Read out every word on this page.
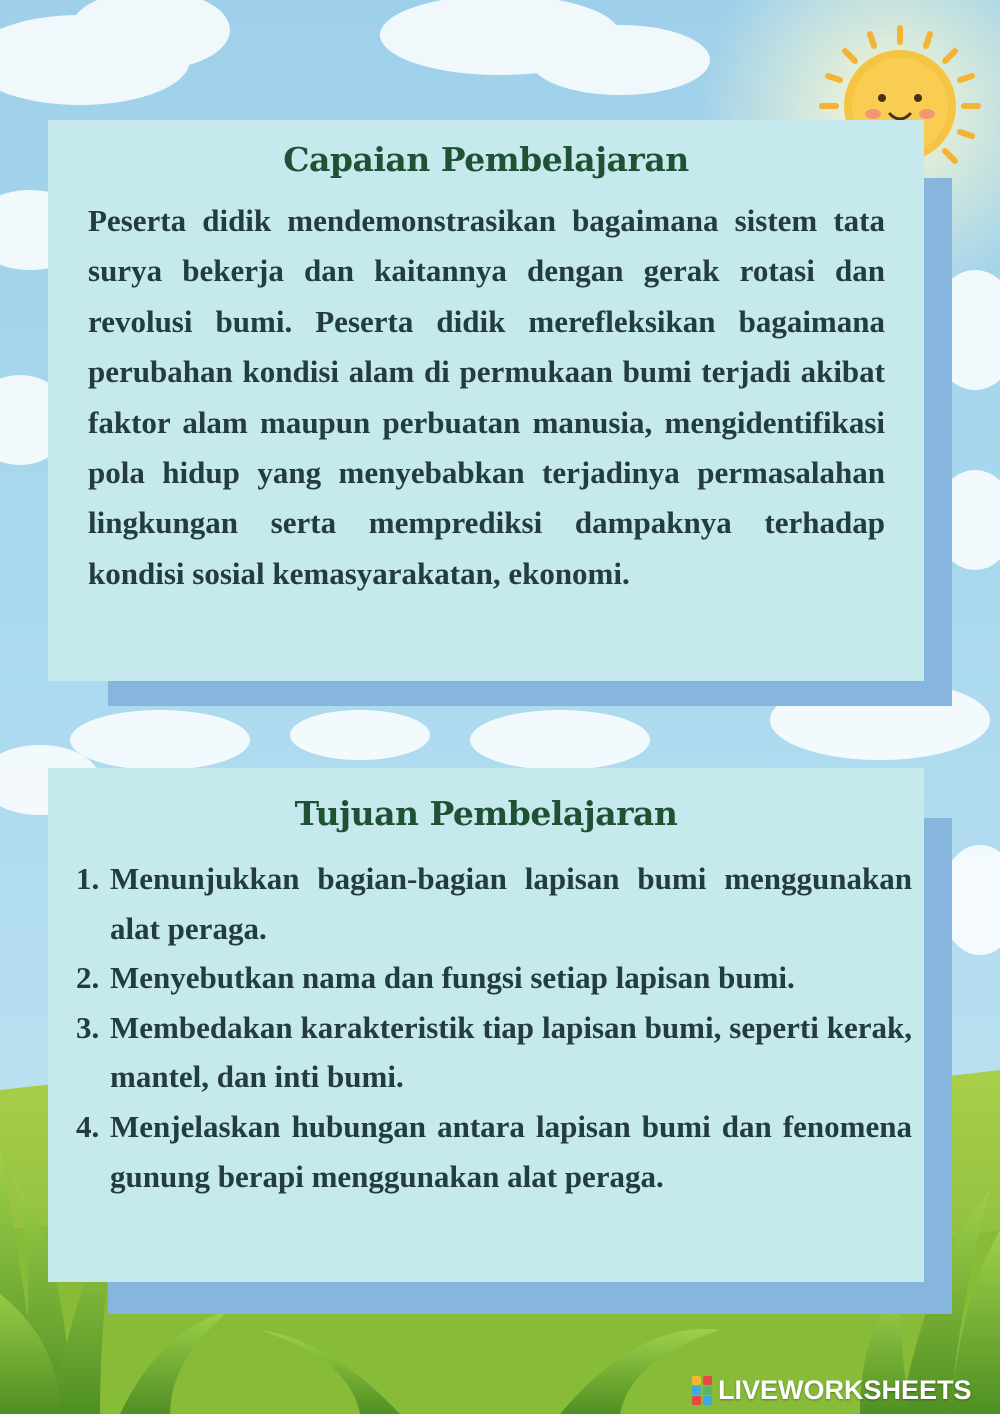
Capaian Pembelajaran
Peserta didik mendemonstrasikan bagaimana sistem tata surya bekerja dan kaitannya dengan gerak rotasi dan revolusi bumi. Peserta didik merefleksikan bagaimana perubahan kondisi alam di permukaan bumi terjadi akibat faktor alam maupun perbuatan manusia, mengidentifikasi pola hidup yang menyebabkan terjadinya permasalahan lingkungan serta memprediksi dampaknya terhadap kondisi sosial kemasyarakatan, ekonomi.
Tujuan Pembelajaran
1. Menunjukkan bagian-bagian lapisan bumi menggunakan alat peraga.
2. Menyebutkan nama dan fungsi setiap lapisan bumi.
3. Membedakan karakteristik tiap lapisan bumi, seperti kerak, mantel, dan inti bumi.
4. Menjelaskan hubungan antara lapisan bumi dan fenomena gunung berapi menggunakan alat peraga.
LIVEWORKSHEETS
